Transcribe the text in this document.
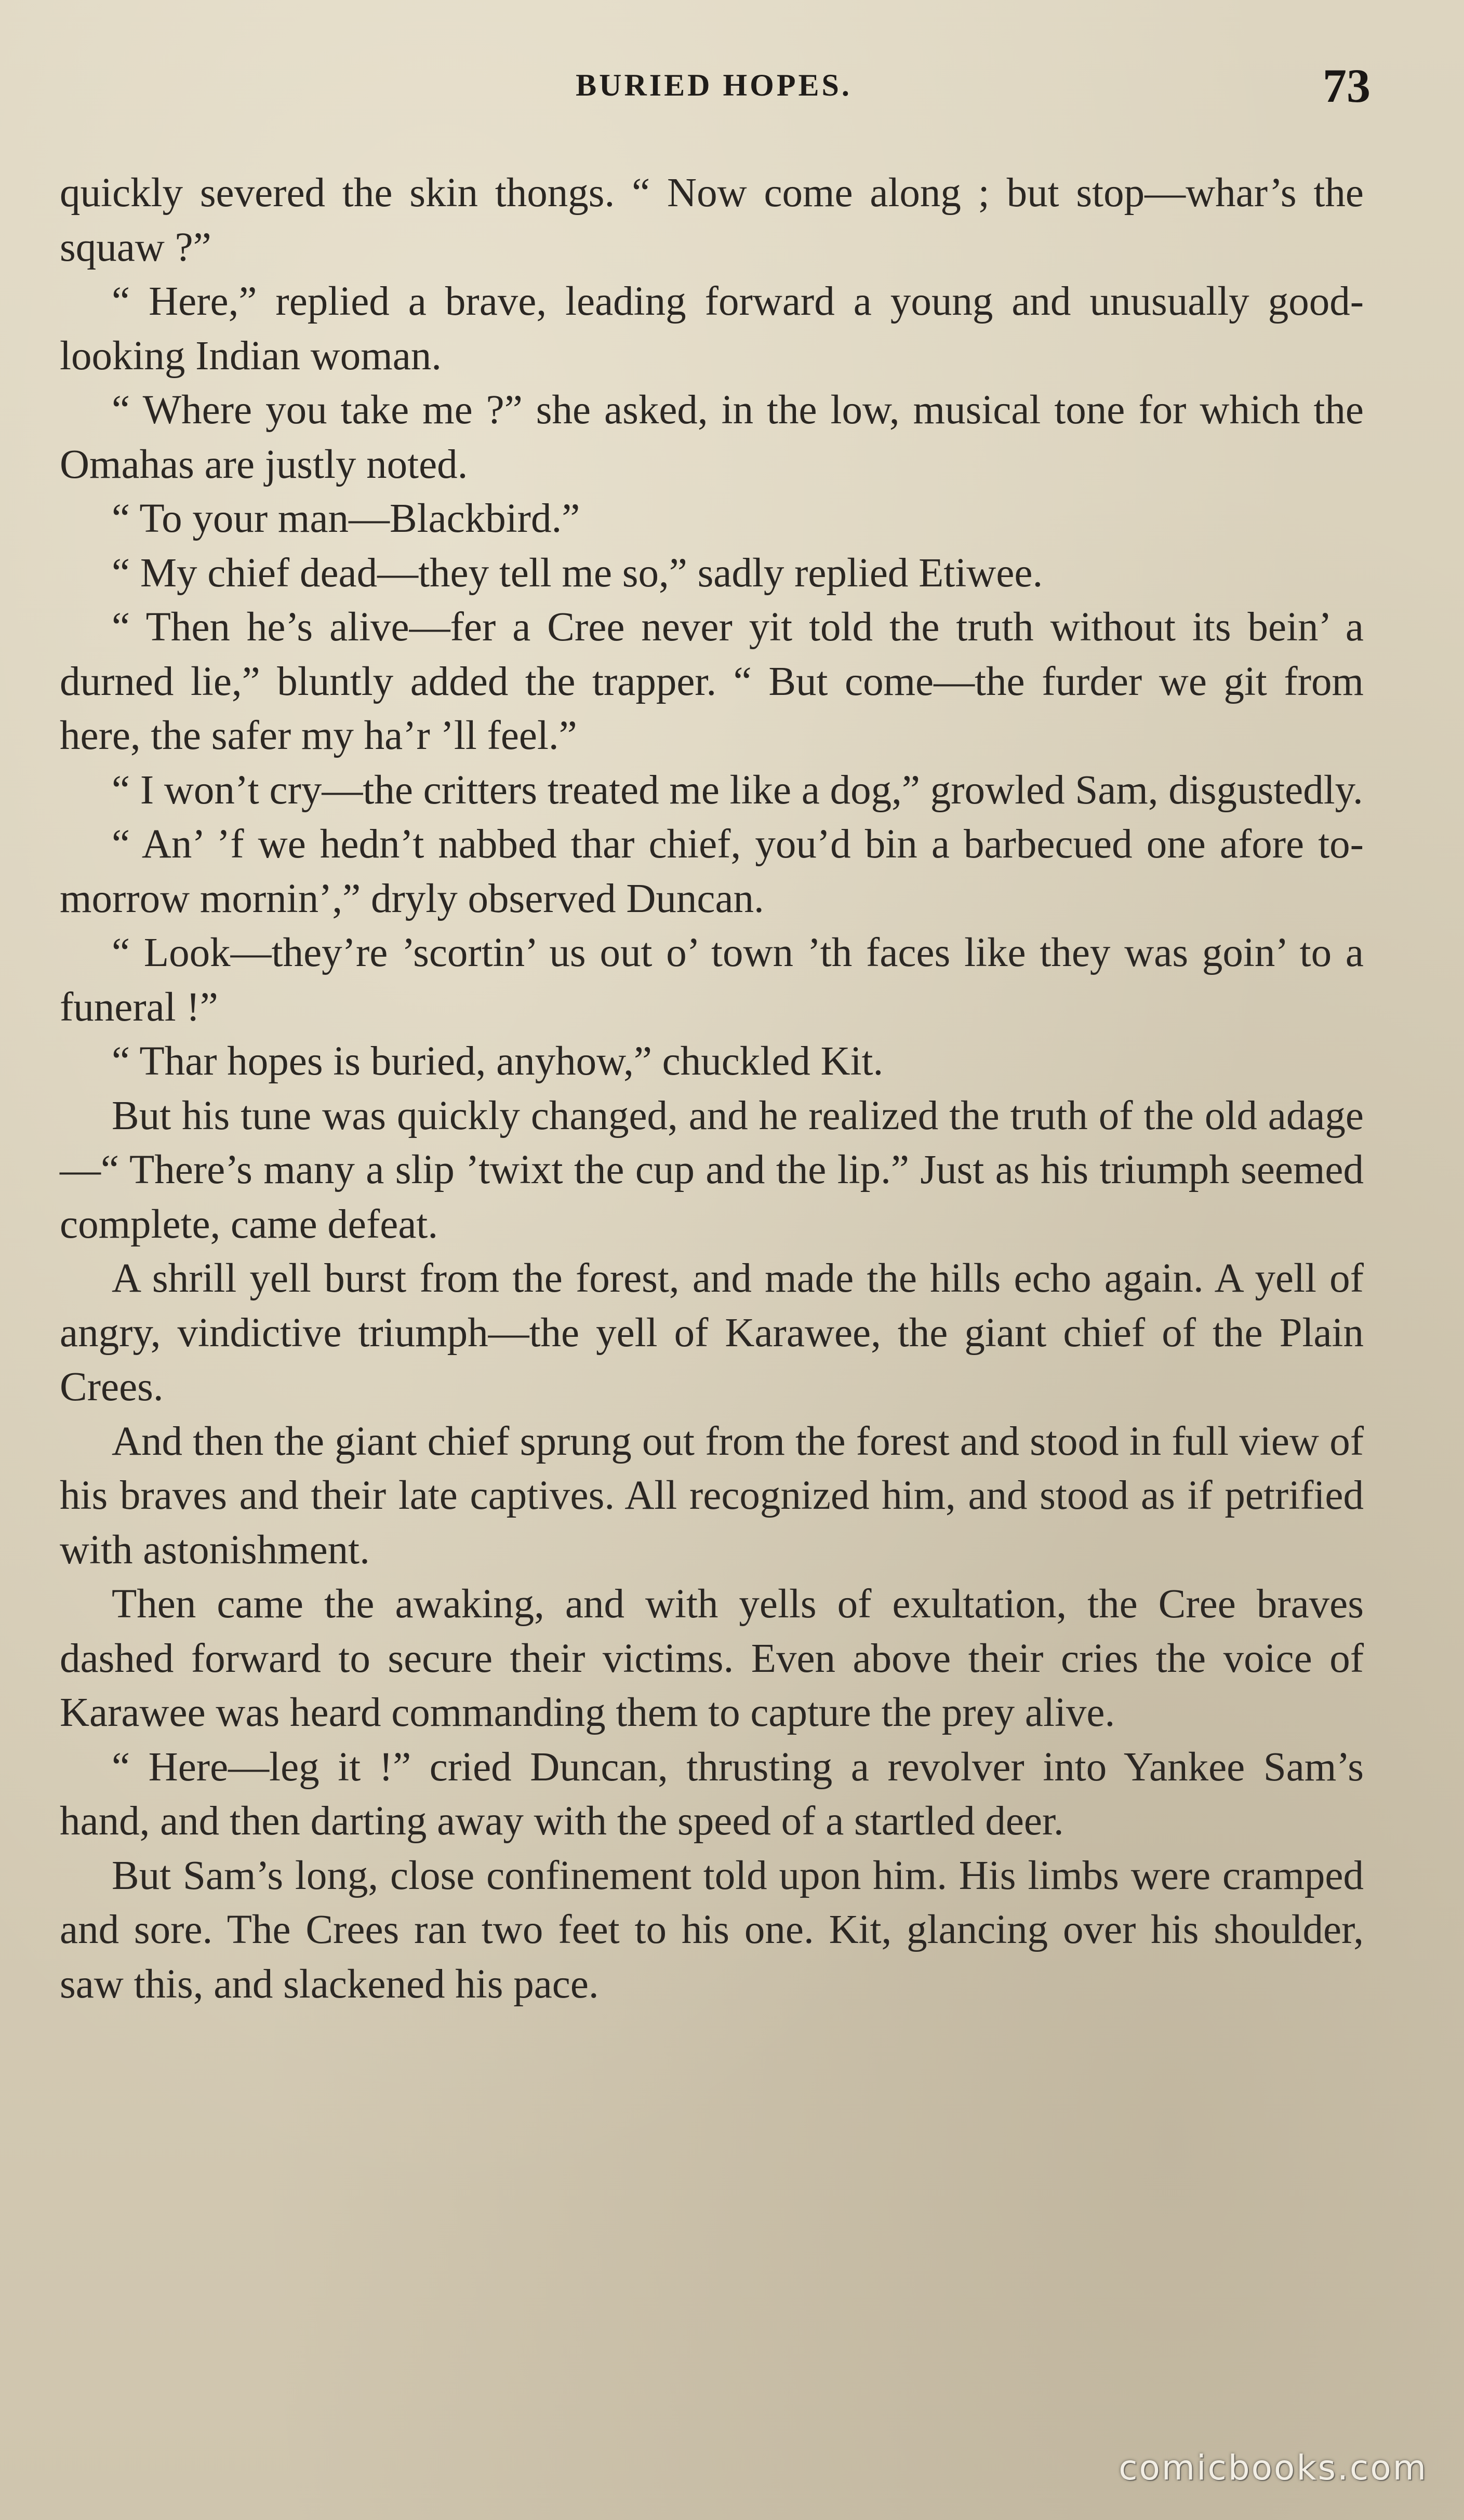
BURIED HOPES.	73

quickly severed the skin thongs. “ Now come along ; but stop—whar’s the squaw ?”

“ Here,” replied a brave, leading forward a young and unusually good-looking Indian woman.

“ Where you take me ?” she asked, in the low, musical tone for which the Omahas are justly noted.

“ To your man—Blackbird.”

“ My chief dead—they tell me so,” sadly replied Etiwee.

“ Then he’s alive—fer a Cree never yit told the truth without its bein’ a durned lie,” bluntly added the trapper. “ But come—the furder we git from here, the safer my ha’r ’ll feel.”

“ I won’t cry—the critters treated me like a dog,” growled Sam, disgustedly.

“ An’ ’f we hedn’t nabbed thar chief, you’d bin a barbecued one afore to-morrow mornin’,” dryly observed Duncan.

“ Look—they’re ’scortin’ us out o’ town ’th faces like they was goin’ to a funeral !”

“ Thar hopes is buried, anyhow,” chuckled Kit.

But his tune was quickly changed, and he realized the truth of the old adage—“ There’s many a slip ’twixt the cup and the lip.” Just as his triumph seemed complete, came defeat.

A shrill yell burst from the forest, and made the hills echo again. A yell of angry, vindictive triumph—the yell of Karawee, the giant chief of the Plain Crees.

And then the giant chief sprung out from the forest and stood in full view of his braves and their late captives. All recognized him, and stood as if petrified with astonishment.

Then came the awaking, and with yells of exultation, the Cree braves dashed forward to secure their victims. Even above their cries the voice of Karawee was heard commanding them to capture the prey alive.

“ Here—leg it !” cried Duncan, thrusting a revolver into Yankee Sam’s hand, and then darting away with the speed of a startled deer.

But Sam’s long, close confinement told upon him. His limbs were cramped and sore. The Crees ran two feet to his one. Kit, glancing over his shoulder, saw this, and slackened his pace.

comicbooks.com
